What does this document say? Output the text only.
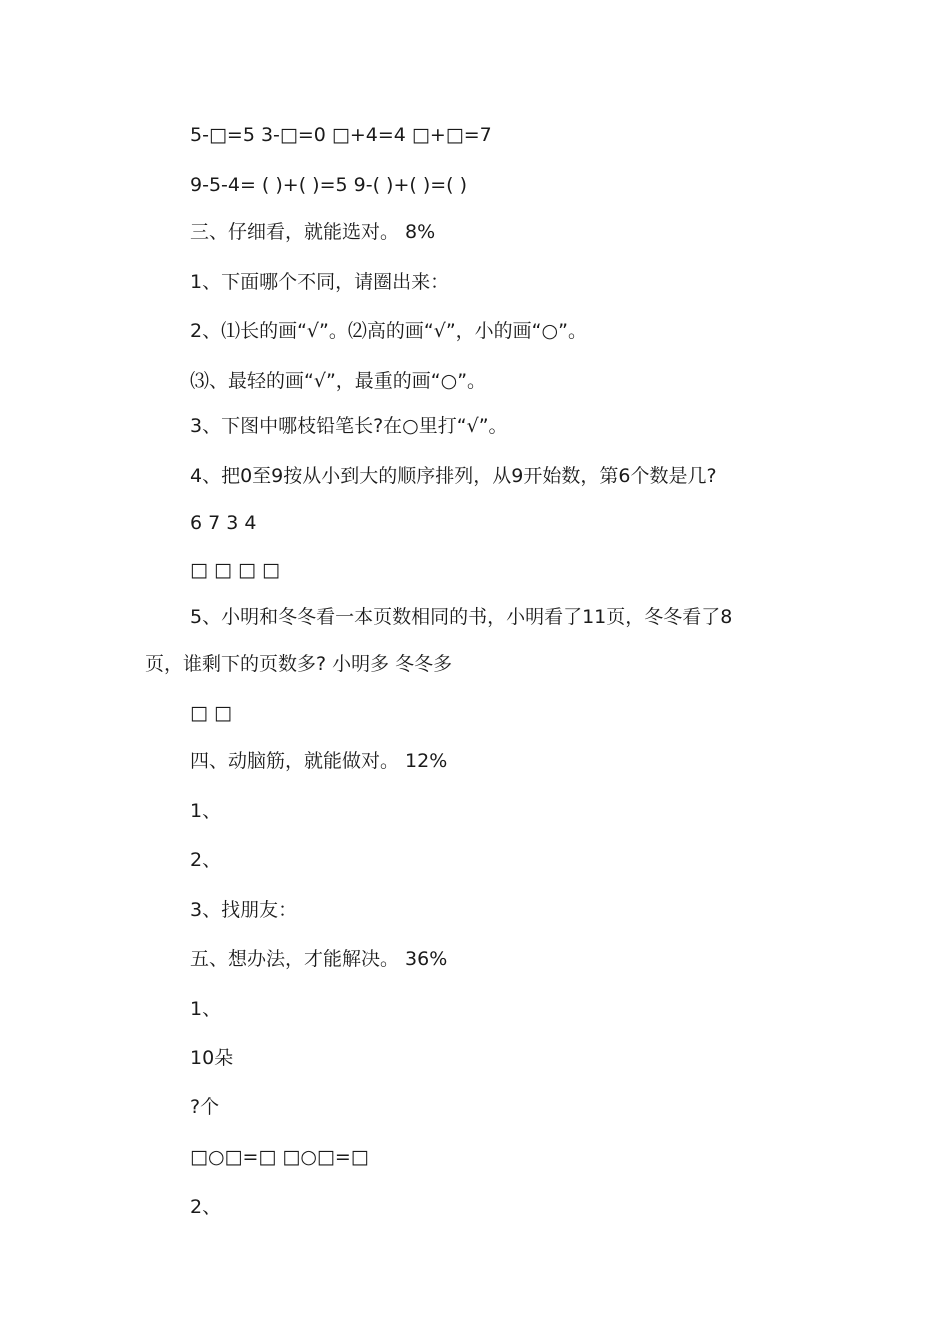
5-□=5 3-□=0 □+4=4 □+□=7
9-5-4= ( )+( )=5 9-( )+( )=( )
三、仔细看，就能选对。 8%
1、下面哪个不同，请圈出来：
2、⑴长的画“√”。⑵高的画“√”，小的画“○”。
⑶、最轻的画“√”，最重的画“○”。
3、下图中哪枝铅笔长?在○里打“√”。
4、把0至9按从小到大的顺序排列，从9开始数，第6个数是几?
6 7 3 4
□ □ □ □
5、小明和冬冬看一本页数相同的书，小明看了11页，冬冬看了8
页，谁剩下的页数多? 小明多 冬冬多
□ □
四、动脑筋，就能做对。 12%
1、
2、
3、找朋友：
五、想办法，才能解决。 36%
1、
10朵
?个
□○□=□ □○□=□
2、
